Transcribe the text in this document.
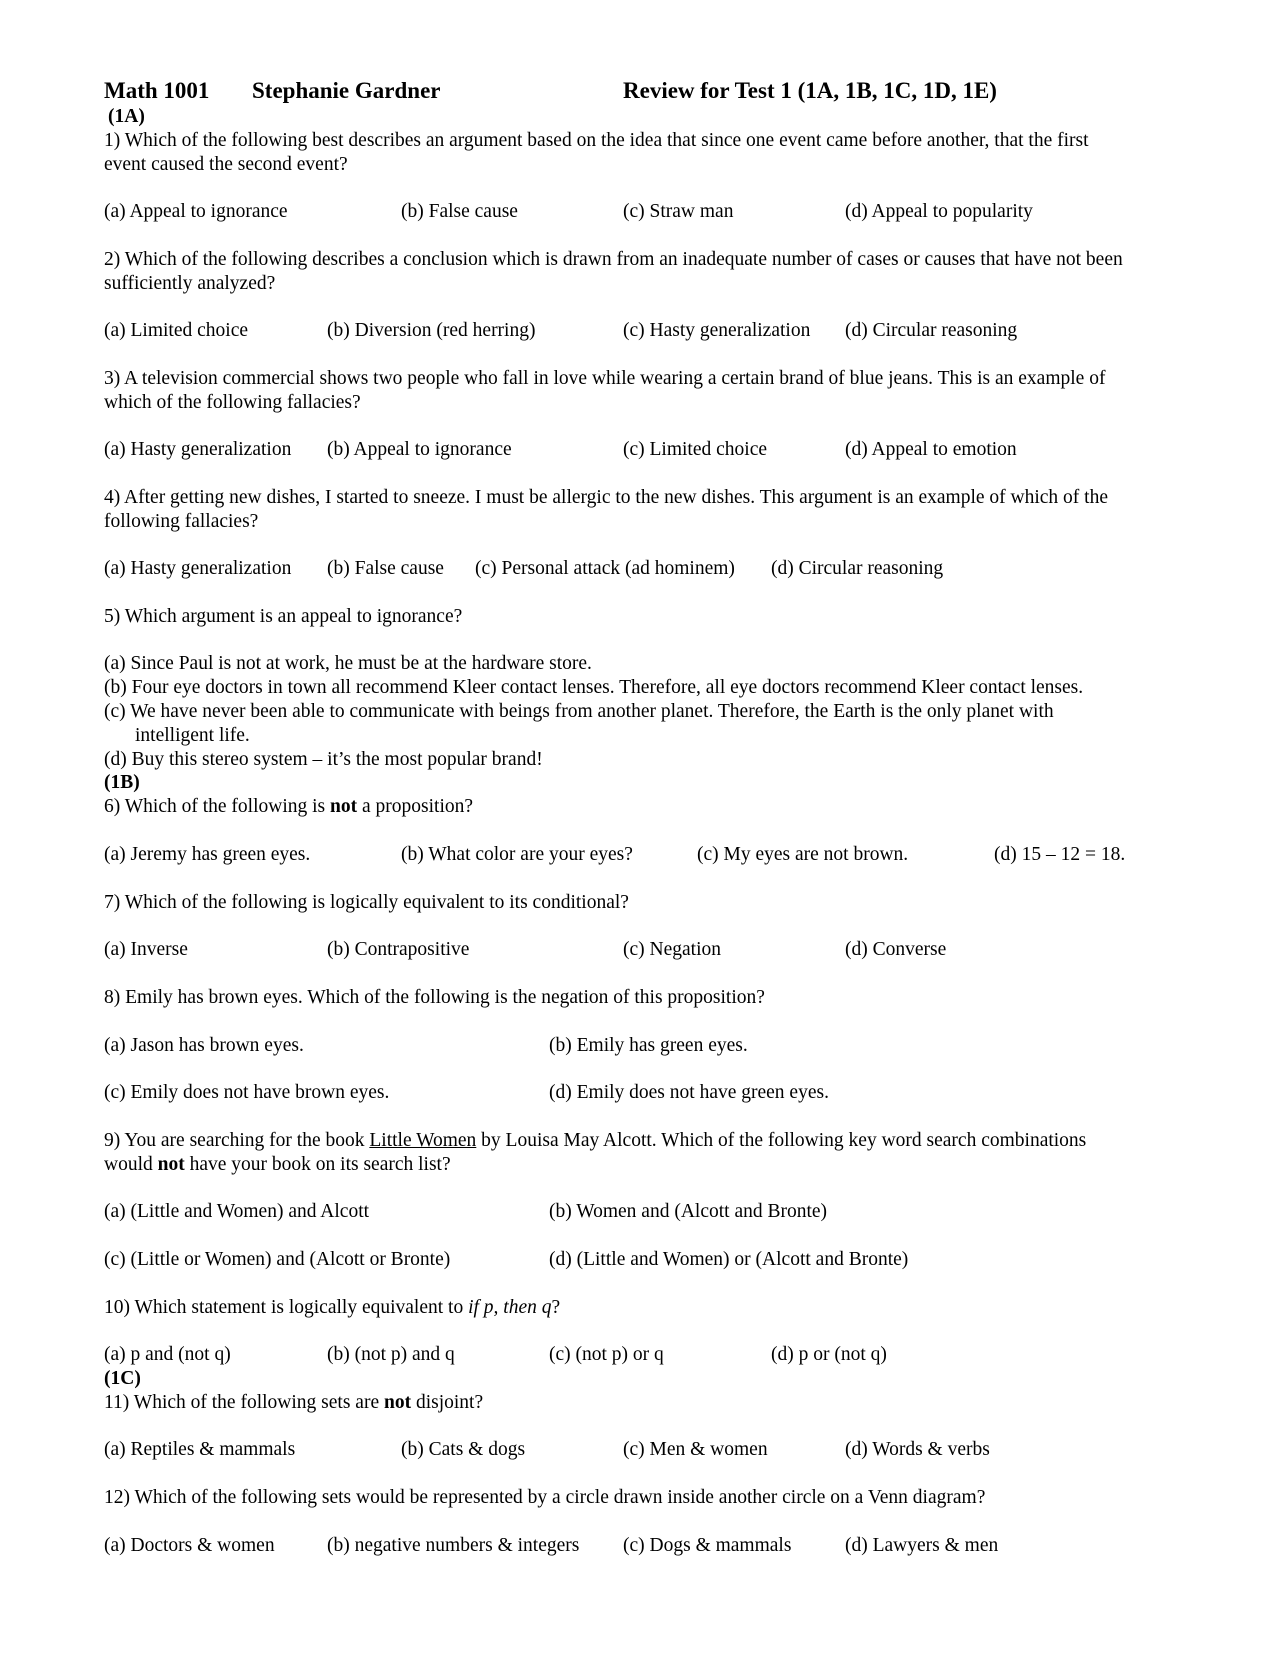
Math 1001 Stephanie Gardner	Review for Test 1 (1A, 1B, 1C, 1D, 1E)
(1A)
1) Which of the following best describes an argument based on the idea that since one event came before another, that the first
event caused the second event?
(a) Appeal to ignorance	(b) False cause	(c) Straw man	(d) Appeal to popularity
2) Which of the following describes a conclusion which is drawn from an inadequate number of cases or causes that have not been
sufficiently analyzed?
(a) Limited choice	(b) Diversion (red herring)	(c) Hasty generalization (d) Circular reasoning
3) A television commercial shows two people who fall in love while wearing a certain brand of blue jeans. This is an example of
which of the following fallacies?
(a) Hasty generalization (b) Appeal to ignorance	(c) Limited choice	(d) Appeal to emotion
4) After getting new dishes, I started to sneeze. I must be allergic to the new dishes. This argument is an example of which of the
following fallacies?
(a) Hasty generalization (b) False cause (c) Personal attack (ad hominem) (d) Circular reasoning
5) Which argument is an appeal to ignorance?
(a) Since Paul is not at work, he must be at the hardware store.
(b) Four eye doctors in town all recommend Kleer contact lenses. Therefore, all eye doctors recommend Kleer contact lenses.
(c) We have never been able to communicate with beings from another planet. Therefore, the Earth is the only planet with
intelligent life.
(d) Buy this stereo system – it’s the most popular brand!
(1B)
6) Which of the following is not a proposition?
(a) Jeremy has green eyes.	(b) What color are your eyes?	(c) My eyes are not brown.	(d) 15 – 12 = 18.
7) Which of the following is logically equivalent to its conditional?
(a) Inverse	(b) Contrapositive	(c) Negation	(d) Converse
8) Emily has brown eyes. Which of the following is the negation of this proposition?
(a) Jason has brown eyes.	(b) Emily has green eyes.
(c) Emily does not have brown eyes.	(d) Emily does not have green eyes.
9) You are searching for the book Little Women by Louisa May Alcott. Which of the following key word search combinations
would not have your book on its search list?
(a) (Little and Women) and Alcott	(b) Women and (Alcott and Bronte)
(c) (Little or Women) and (Alcott or Bronte)	(d) (Little and Women) or (Alcott and Bronte)
10) Which statement is logically equivalent to if p, then q?
(a) p and (not q)	(b) (not p) and q	(c) (not p) or q	(d) p or (not q)
(1C)
11) Which of the following sets are not disjoint?
(a) Reptiles & mammals	(b) Cats & dogs	(c) Men & women	(d) Words & verbs
12) Which of the following sets would be represented by a circle drawn inside another circle on a Venn diagram?
(a) Doctors & women	(b) negative numbers & integers (c) Dogs & mammals	(d) Lawyers & men
